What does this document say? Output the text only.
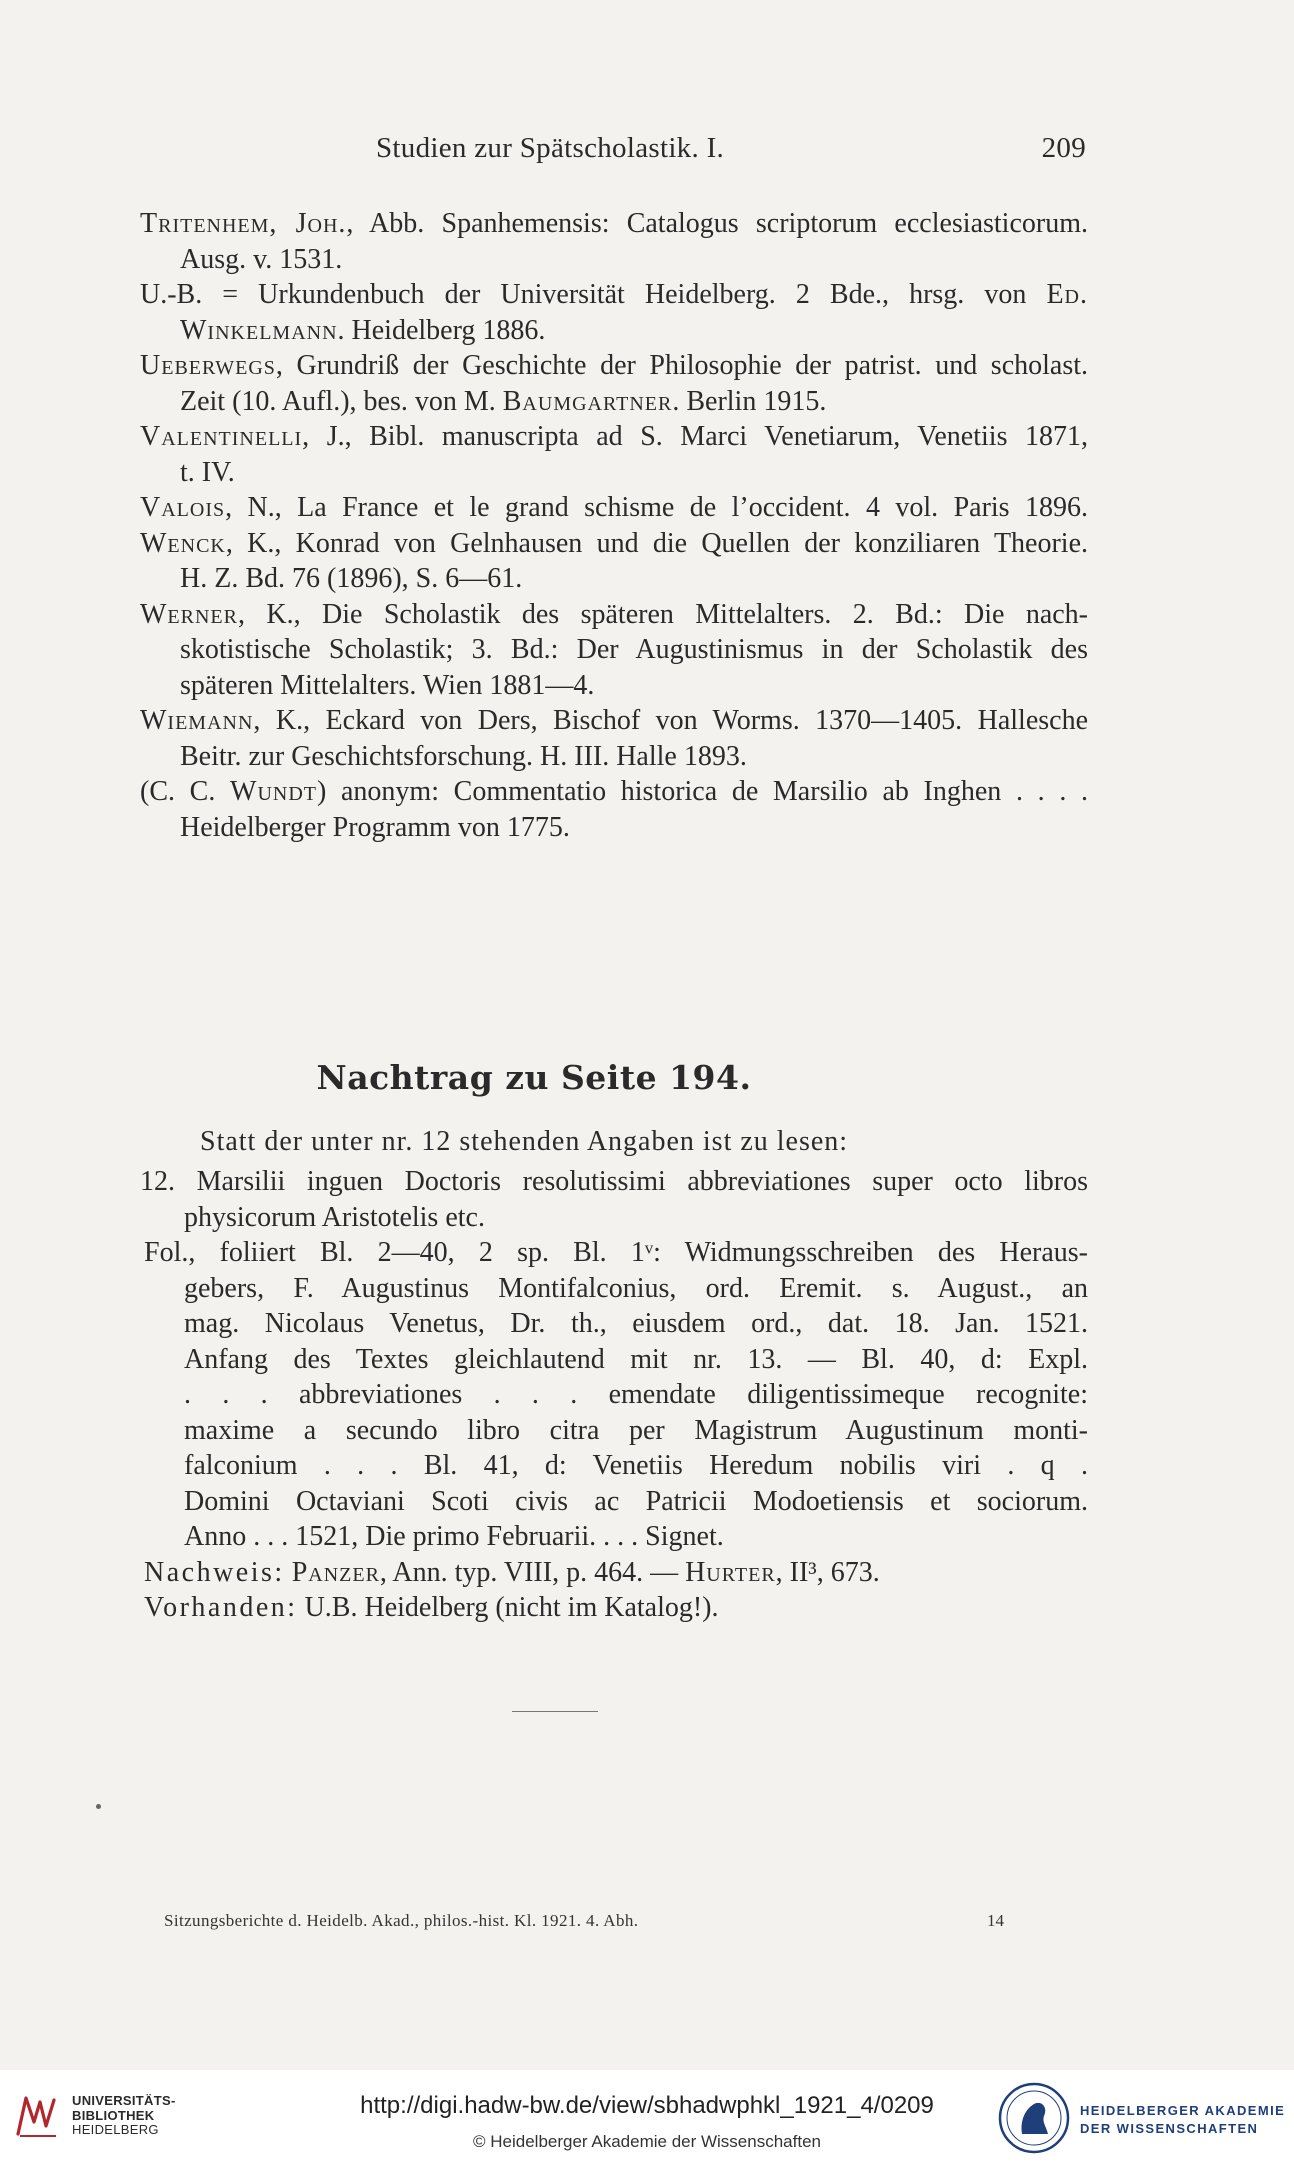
Studien zur Spätscholastik. I.	209
Tritenhem, Joh., Abb. Spanhemensis: Catalogus scriptorum ecclesiasticorum.
Ausg. v. 1531.
U.-B. = Urkundenbuch der Universität Heidelberg. 2 Bde., hrsg. von Ed.
Winkelmann. Heidelberg 1886.
Ueberwegs, Grundriß der Geschichte der Philosophie der patrist. und scholast.
Zeit (10. Aufl.), bes. von M. Baumgartner. Berlin 1915.
Valentinelli, J., Bibl. manuscripta ad S. Marci Venetiarum, Venetiis 1871,
t. IV.
Valois, N., La France et le grand schisme de l’occident. 4 vol. Paris 1896.
Wenck, K., Konrad von Gelnhausen und die Quellen der konziliaren Theorie.
H. Z. Bd. 76 (1896), S. 6—61.
Werner, K., Die Scholastik des späteren Mittelalters. 2. Bd.: Die nach-
skotistische Scholastik; 3. Bd.: Der Augustinismus in der Scholastik des
späteren Mittelalters. Wien 1881—4.
Wiemann, K., Eckard von Ders, Bischof von Worms. 1370—1405. Hallesche
Beitr. zur Geschichtsforschung. H. III. Halle 1893.
(C. C. Wundt) anonym: Commentatio historica de Marsilio ab Inghen . . . .
Heidelberger Programm von 1775.
Nachtrag zu Seite 194.
Statt der unter nr. 12 stehenden Angaben ist zu lesen:
12. Marsilii inguen Doctoris resolutissimi abbreviationes super octo libros
physicorum Aristotelis etc.
Fol., foliiert Bl. 2—40, 2 sp. Bl. 1ᵛ: Widmungsschreiben des Heraus-
gebers, F. Augustinus Montifalconius, ord. Eremit. s. August., an
mag. Nicolaus Venetus, Dr. th., eiusdem ord., dat. 18. Jan. 1521.
Anfang des Textes gleichlautend mit nr. 13. — Bl. 40, d: Expl.
. . . abbreviationes . . . emendate diligentissimeque recognite:
maxime a secundo libro citra per Magistrum Augustinum monti-
falconium . . . Bl. 41, d: Venetiis Heredum nobilis viri . q .
Domini Octaviani Scoti civis ac Patricii Modoetiensis et sociorum.
Anno . . . 1521, Die primo Februarii. . . . Signet.
Nachweis: Panzer, Ann. typ. VIII, p. 464. — Hurter, II³, 673.
Vorhanden: U.B. Heidelberg (nicht im Katalog!).
Sitzungsberichte d. Heidelb. Akad., philos.-hist. Kl. 1921. 4. Abh.	14
UNIVERSITÄTS-
BIBLIOTHEK
HEIDELBERG
http://digi.hadw-bw.de/view/sbhadwphkl_1921_4/0209
© Heidelberger Akademie der Wissenschaften
HEIDELBERGER AKADEMIE
DER WISSENSCHAFTEN
